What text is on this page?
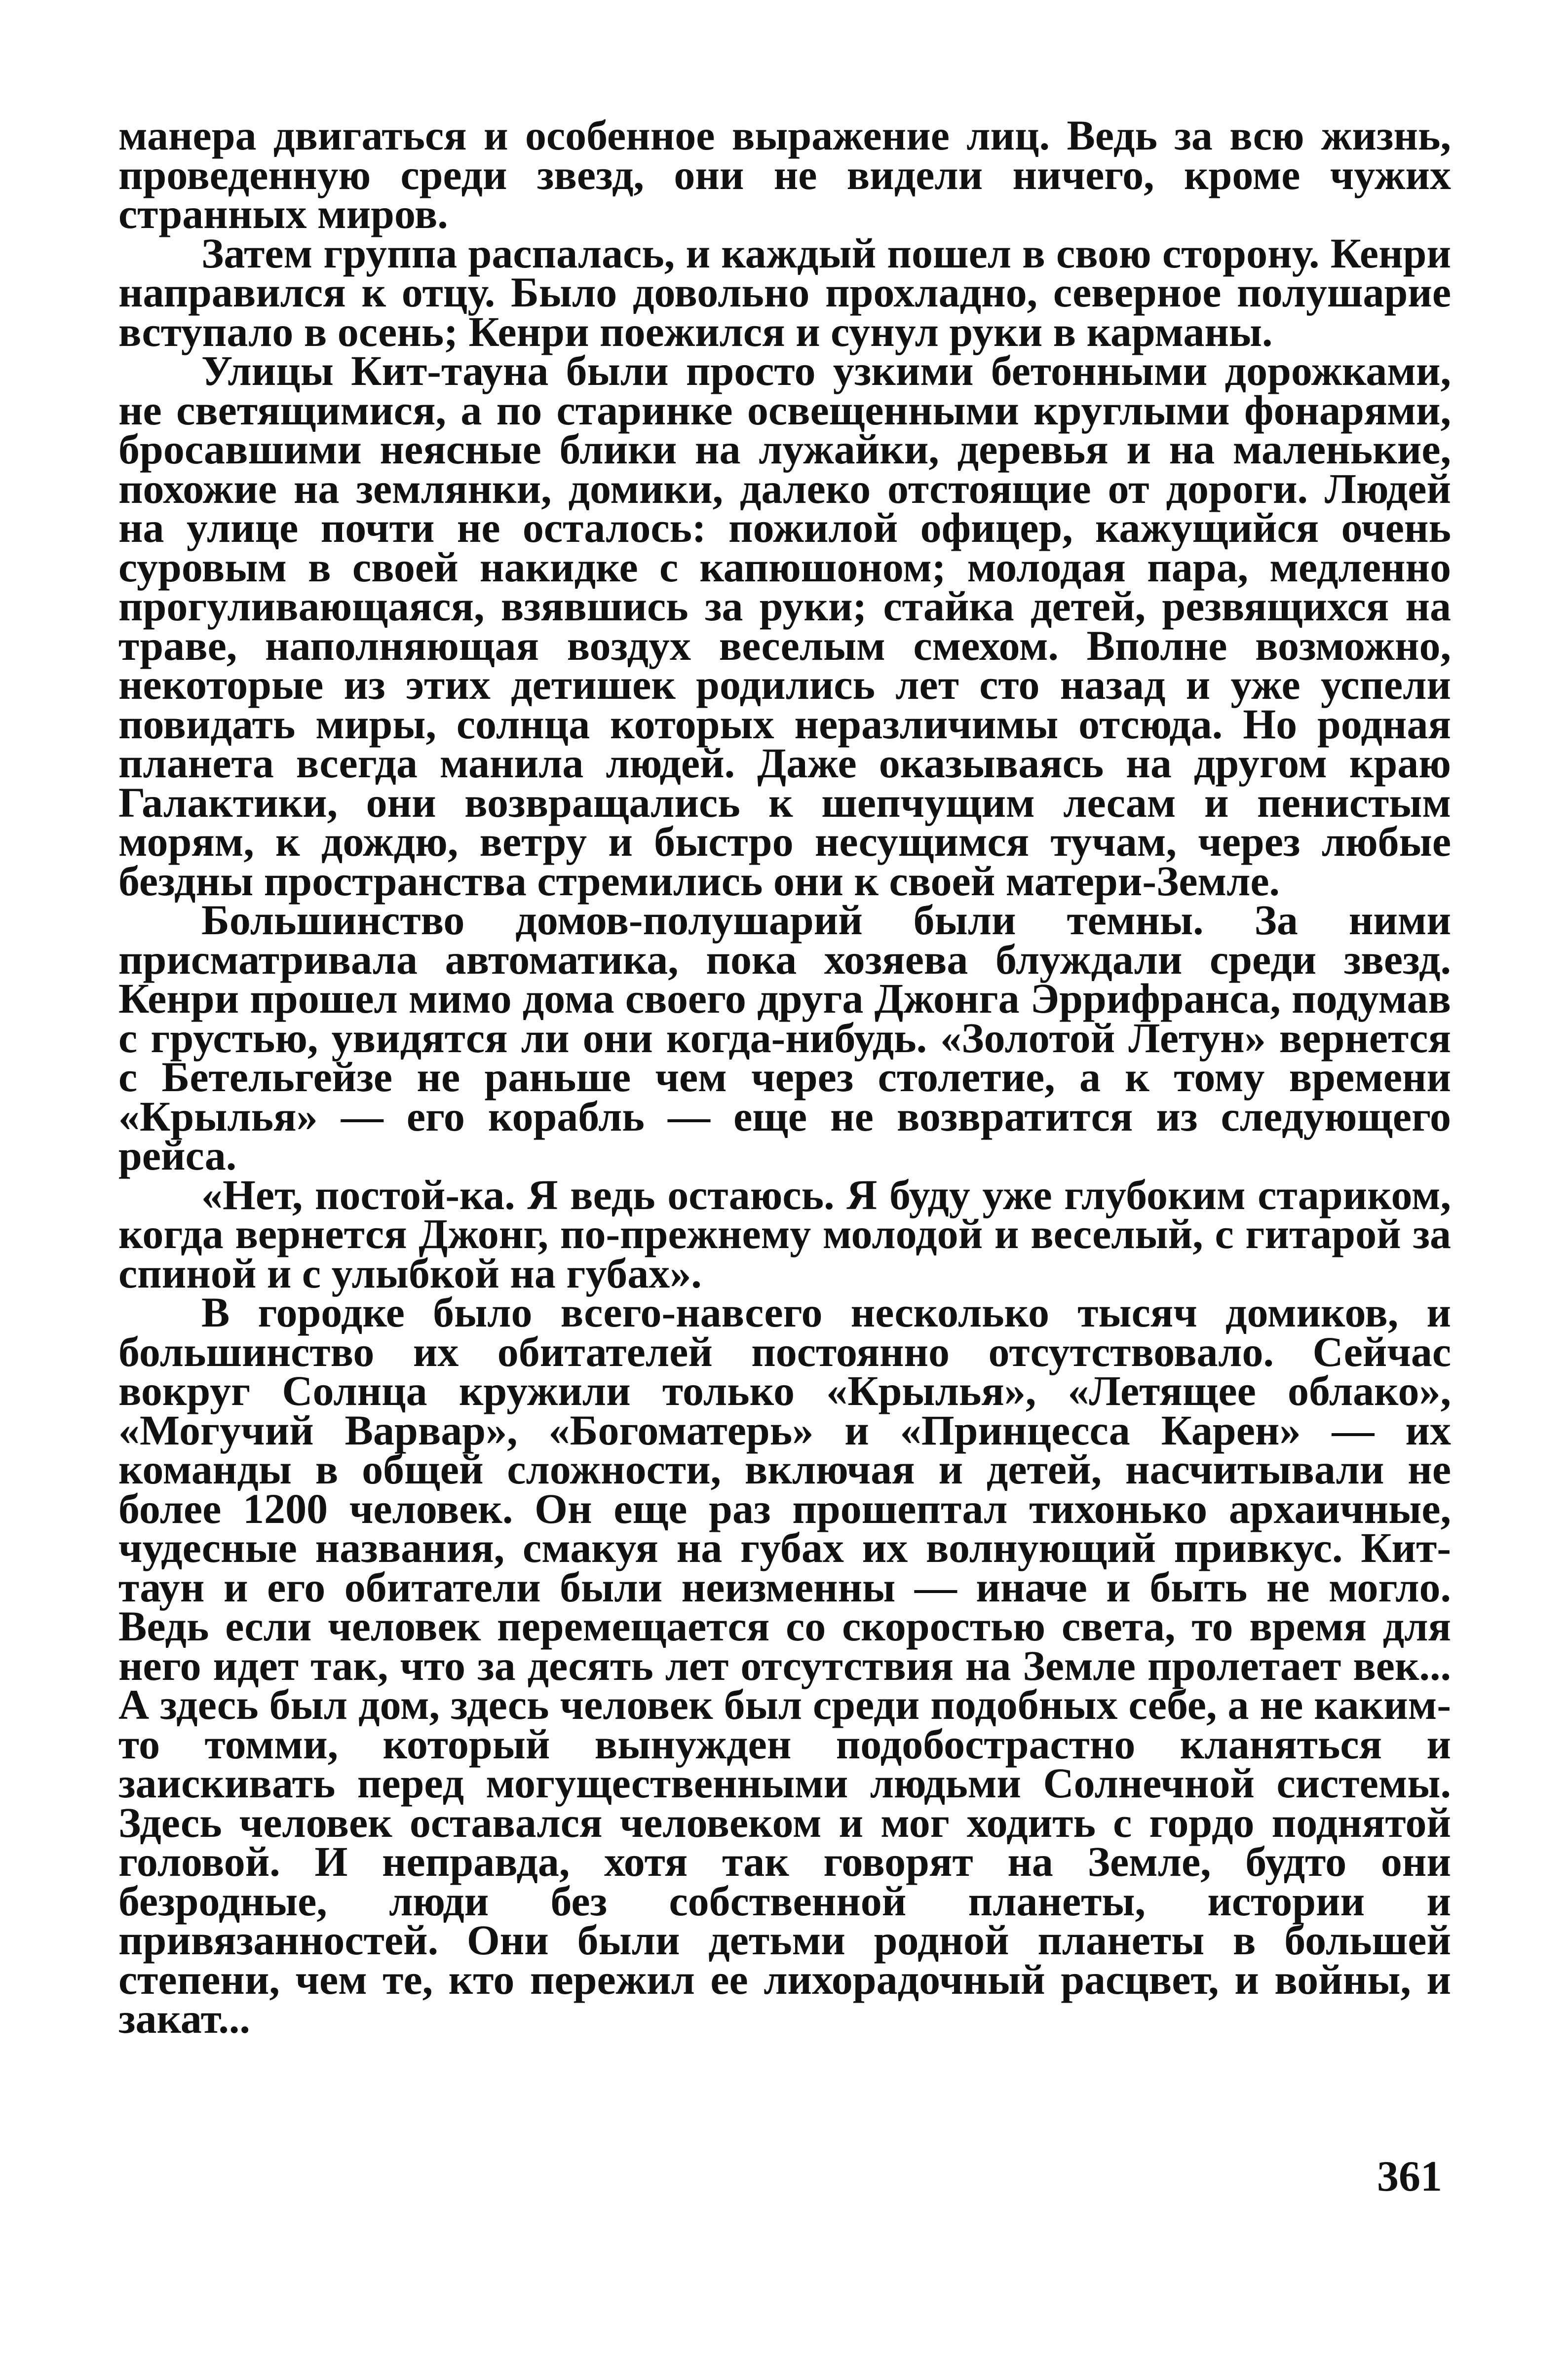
манера двигаться и особенное выражение лиц. Ведь за всю жизнь, проведенную среди звезд, они не видели ничего, кроме чужих странных миров.

Затем группа распалась, и каждый пошел в свою сторону. Кенри направился к отцу. Было довольно прохладно, северное полушарие вступало в осень; Кенри поежился и сунул руки в карманы.

Улицы Кит-тауна были просто узкими бетонными дорожками, не светящимися, а по старинке освещенными круглыми фонарями, бросавшими неясные блики на лужайки, деревья и на маленькие, похожие на землянки, домики, далеко отстоящие от дороги. Людей на улице почти не осталось: пожилой офицер, кажущийся очень суровым в своей накидке с капюшоном; молодая пара, медленно прогуливающаяся, взявшись за руки; стайка детей, резвящихся на траве, наполняющая воздух веселым смехом. Вполне возможно, некоторые из этих детишек родились лет сто назад и уже успели повидать миры, солнца которых неразличимы отсюда. Но родная планета всегда манила людей. Даже оказываясь на другом краю Галактики, они возвращались к шепчущим лесам и пенистым морям, к дождю, ветру и быстро несущимся тучам, через любые бездны пространства стремились они к своей матери-Земле.

Большинство домов-полушарий были темны. За ними присматривала автоматика, пока хозяева блуждали среди звезд. Кенри прошел мимо дома своего друга Джонга Эррифранса, подумав с грустью, увидятся ли они когда-нибудь. «Золотой Летун» вернется с Бетельгейзе не раньше чем через столетие, а к тому времени «Крылья» — его корабль — еще не возвратится из следующего рейса.

«Нет, постой-ка. Я ведь остаюсь. Я буду уже глубоким стариком, когда вернется Джонг, по-прежнему молодой и веселый, с гитарой за спиной и с улыбкой на губах».

В городке было всего-навсего несколько тысяч домиков, и большинство их обитателей постоянно отсутствовало. Сейчас вокруг Солнца кружили только «Крылья», «Летящее облако», «Могучий Варвар», «Богоматерь» и «Принцесса Карен» — их команды в общей сложности, включая и детей, насчитывали не более 1200 человек. Он еще раз прошептал тихонько архаичные, чудесные названия, смакуя на губах их волнующий привкус. Кит-таун и его обитатели были неизменны — иначе и быть не могло. Ведь если человек перемещается со скоростью света, то время для него идет так, что за десять лет отсутствия на Земле пролетает век... А здесь был дом, здесь человек был среди подобных себе, а не каким-то томми, который вынужден подобострастно кланяться и заискивать перед могущественными людьми Солнечной системы. Здесь человек оставался человеком и мог ходить с гордо поднятой головой. И неправда, хотя так говорят на Земле, будто они безродные, люди без собственной планеты, истории и привязанностей. Они были детьми родной планеты в большей степени, чем те, кто пережил ее лихорадочный расцвет, и войны, и закат...

361
